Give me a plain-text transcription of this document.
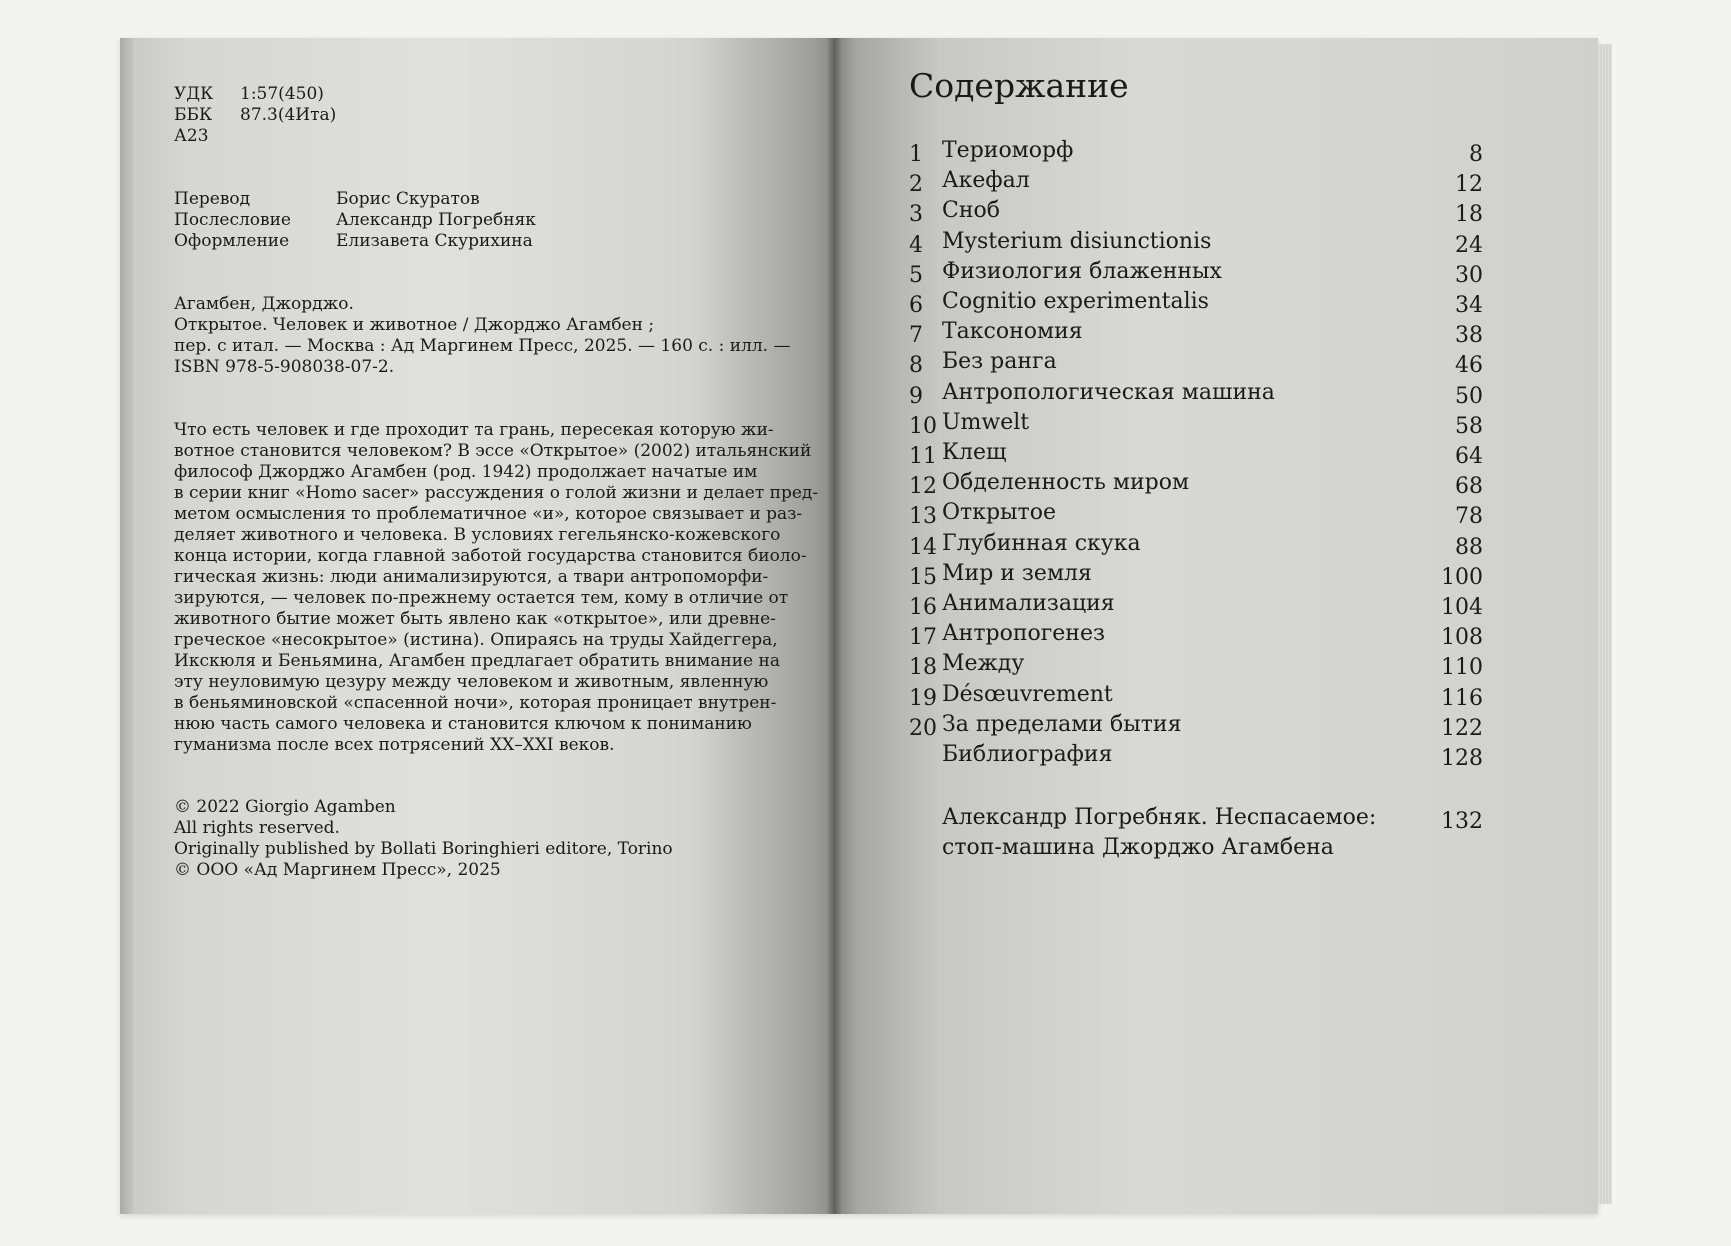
УДК 1:57(450)
ББК 87.3(4Ита)
А23
Перевод	Борис Скуратов
Послесловие	Александр Погребняк
Оформление	Елизавета Скурихина
Агамбен, Джорджо.
Открытое. Человек и животное / Джорджо Агамбен ;
пер. с итал. — Москва : Ад Маргинем Пресс, 2025. — 160 с. : илл. —
ISBN 978-5-908038-07-2.
Что есть человек и где проходит та грань, пересекая которую жи-
вотное становится человеком? В эссе «Открытое» (2002) итальянский
философ Джорджо Агамбен (род. 1942) продолжает начатые им
в серии книг «Homo sacer» рассуждения о голой жизни и делает пред-
метом осмысления то проблематичное «и», которое связывает и раз-
деляет животного и человека. В условиях гегельянско-кожевского
конца истории, когда главной заботой государства становится биоло-
гическая жизнь: люди анимализируются, а твари антропоморфи-
зируются, — человек по-прежнему остается тем, кому в отличие от
животного бытие может быть явлено как «открытое», или древне-
греческое «несокрытое» (истина). Опираясь на труды Хайдеггера,
Икскюля и Беньямина, Агамбен предлагает обратить внимание на
эту неуловимую цезуру между человеком и животным, явленную
в беньяминовской «спасенной ночи», которая проницает внутрен-
нюю часть самого человека и становится ключом к пониманию
гуманизма после всех потрясений XX–XXI веков.
© 2022 Giorgio Agamben
All rights reserved.
Originally published by Bollati Boringhieri editore, Torino
© ООО «Ад Маргинем Пресс», 2025
Содержание
1 Териоморф	8
2 Акефал	12
3 Сноб	18
4 Mysterium disiunctionis	24
5 Физиология блаженных	30
6 Cognitio experimentalis	34
7 Таксономия	38
8 Без ранга	46
9 Антропологическая машина	50
10 Umwelt	58
11 Клещ	64
12 Обделенность миром	68
13 Открытое	78
14 Глубинная скука	88
15 Мир и земля	100
16 Анимализация	104
17 Антропогенез	108
18 Между	110
19 Désœuvrement	116
20 За пределами бытия	122
Библиография	128
Александр Погребняк. Неспасаемое:
стоп-машина Джорджо Агамбена
132
